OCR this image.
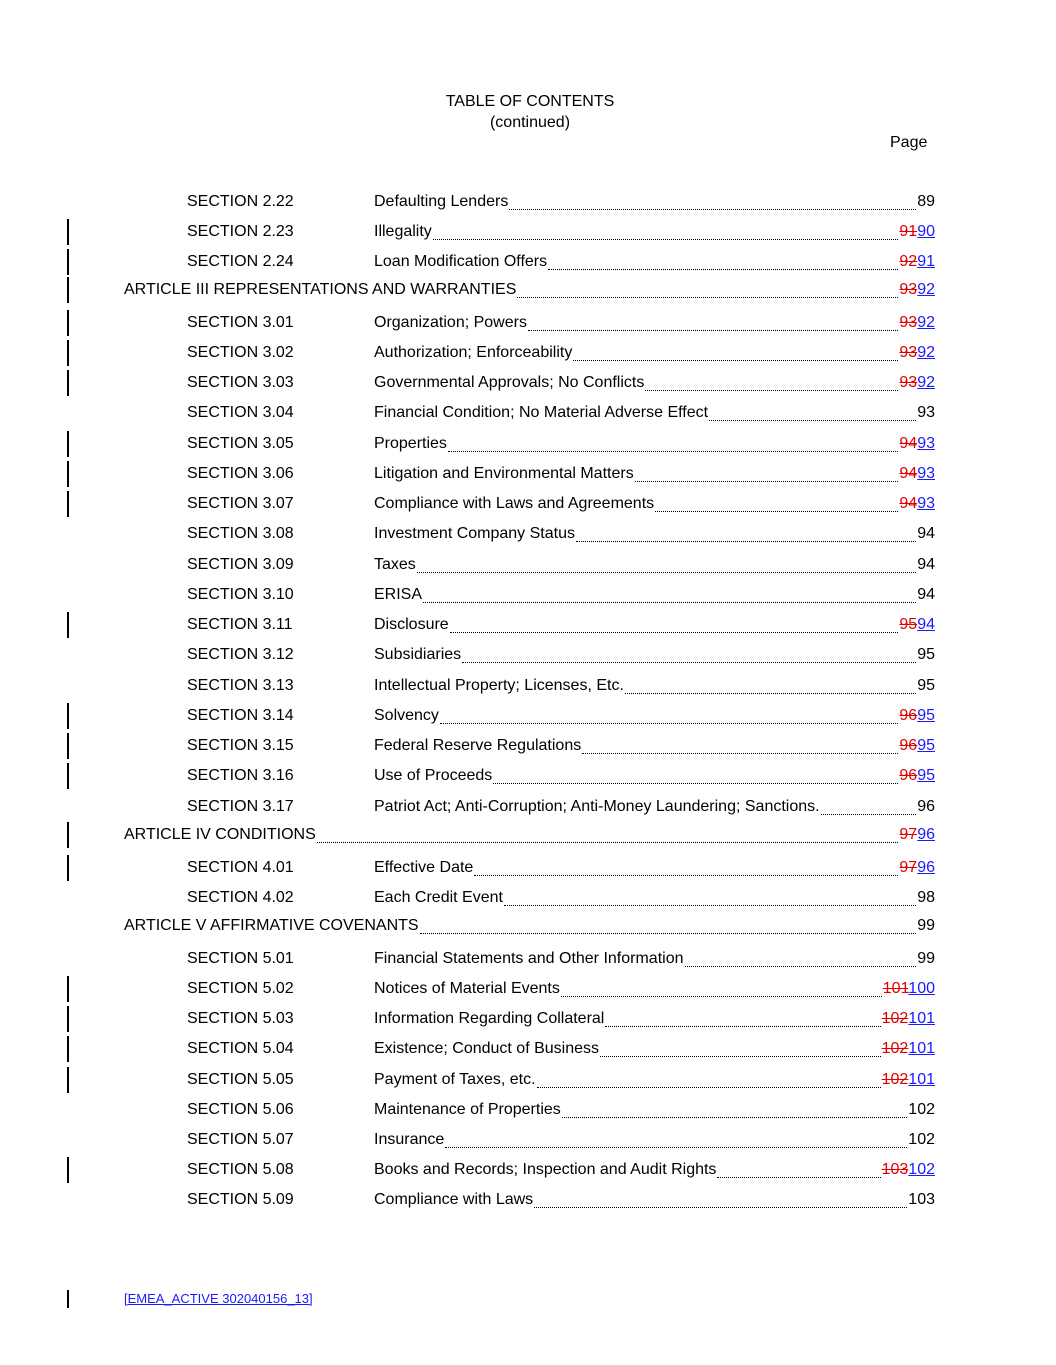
TABLE OF CONTENTS
(continued)
Page
SECTION 2.22	Defaulting Lenders	89
SECTION 2.23	Illegality	9190
SECTION 2.24	Loan Modification Offers	9291
ARTICLE III REPRESENTATIONS AND WARRANTIES	9392
SECTION 3.01	Organization; Powers	9392
SECTION 3.02	Authorization; Enforceability	9392
SECTION 3.03	Governmental Approvals; No Conflicts	9392
SECTION 3.04	Financial Condition; No Material Adverse Effect	93
SECTION 3.05	Properties	9493
SECTION 3.06	Litigation and Environmental Matters	9493
SECTION 3.07	Compliance with Laws and Agreements	9493
SECTION 3.08	Investment Company Status	94
SECTION 3.09	Taxes	94
SECTION 3.10	ERISA	94
SECTION 3.11	Disclosure	9594
SECTION 3.12	Subsidiaries	95
SECTION 3.13	Intellectual Property; Licenses, Etc.	95
SECTION 3.14	Solvency	9695
SECTION 3.15	Federal Reserve Regulations	9695
SECTION 3.16	Use of Proceeds	9695
SECTION 3.17	Patriot Act; Anti-Corruption; Anti-Money Laundering; Sanctions.	96
ARTICLE IV CONDITIONS	9796
SECTION 4.01	Effective Date	9796
SECTION 4.02	Each Credit Event	98
ARTICLE V AFFIRMATIVE COVENANTS	99
SECTION 5.01	Financial Statements and Other Information	99
SECTION 5.02	Notices of Material Events	101100
SECTION 5.03	Information Regarding Collateral	102101
SECTION 5.04	Existence; Conduct of Business	102101
SECTION 5.05	Payment of Taxes, etc.	102101
SECTION 5.06	Maintenance of Properties	102
SECTION 5.07	Insurance	102
SECTION 5.08	Books and Records; Inspection and Audit Rights	103102
SECTION 5.09	Compliance with Laws	103
[EMEA_ACTIVE 302040156_13]
